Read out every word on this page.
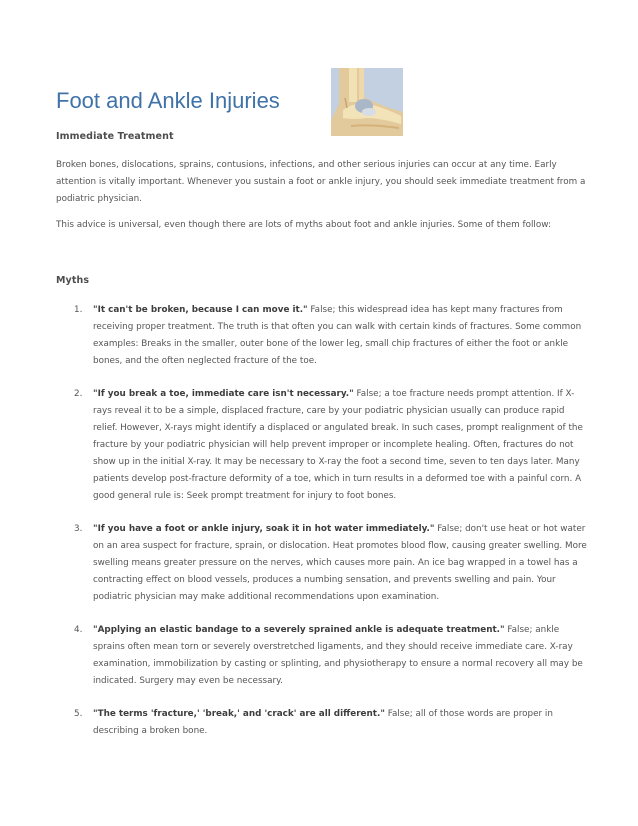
Foot and Ankle Injuries
Immediate Treatment

Broken bones, dislocations, sprains, contusions, infections, and other serious injuries can occur at any time. Early attention is vitally important. Whenever you sustain a foot or ankle injury, you should seek immediate treatment from a podiatric physician.

This advice is universal, even though there are lots of myths about foot and ankle injuries. Some of them follow:

Myths
1. "It can't be broken, because I can move it." False; this widespread idea has kept many fractures from receiving proper treatment. The truth is that often you can walk with certain kinds of fractures. Some common examples: Breaks in the smaller, outer bone of the lower leg, small chip fractures of either the foot or ankle bones, and the often neglected fracture of the toe.
2. "If you break a toe, immediate care isn't necessary." False; a toe fracture needs prompt attention. If X-rays reveal it to be a simple, displaced fracture, care by your podiatric physician usually can produce rapid relief. However, X-rays might identify a displaced or angulated break. In such cases, prompt realignment of the fracture by your podiatric physician will help prevent improper or incomplete healing. Often, fractures do not show up in the initial X-ray. It may be necessary to X-ray the foot a second time, seven to ten days later. Many patients develop post-fracture deformity of a toe, which in turn results in a deformed toe with a painful corn. A good general rule is: Seek prompt treatment for injury to foot bones.
3. "If you have a foot or ankle injury, soak it in hot water immediately." False; don't use heat or hot water on an area suspect for fracture, sprain, or dislocation. Heat promotes blood flow, causing greater swelling. More swelling means greater pressure on the nerves, which causes more pain. An ice bag wrapped in a towel has a contracting effect on blood vessels, produces a numbing sensation, and prevents swelling and pain. Your podiatric physician may make additional recommendations upon examination.
4. "Applying an elastic bandage to a severely sprained ankle is adequate treatment." False; ankle sprains often mean torn or severely overstretched ligaments, and they should receive immediate care. X-ray examination, immobilization by casting or splinting, and physiotherapy to ensure a normal recovery all may be indicated. Surgery may even be necessary.
5. "The terms 'fracture,' 'break,' and 'crack' are all different." False; all of those words are proper in describing a broken bone.
